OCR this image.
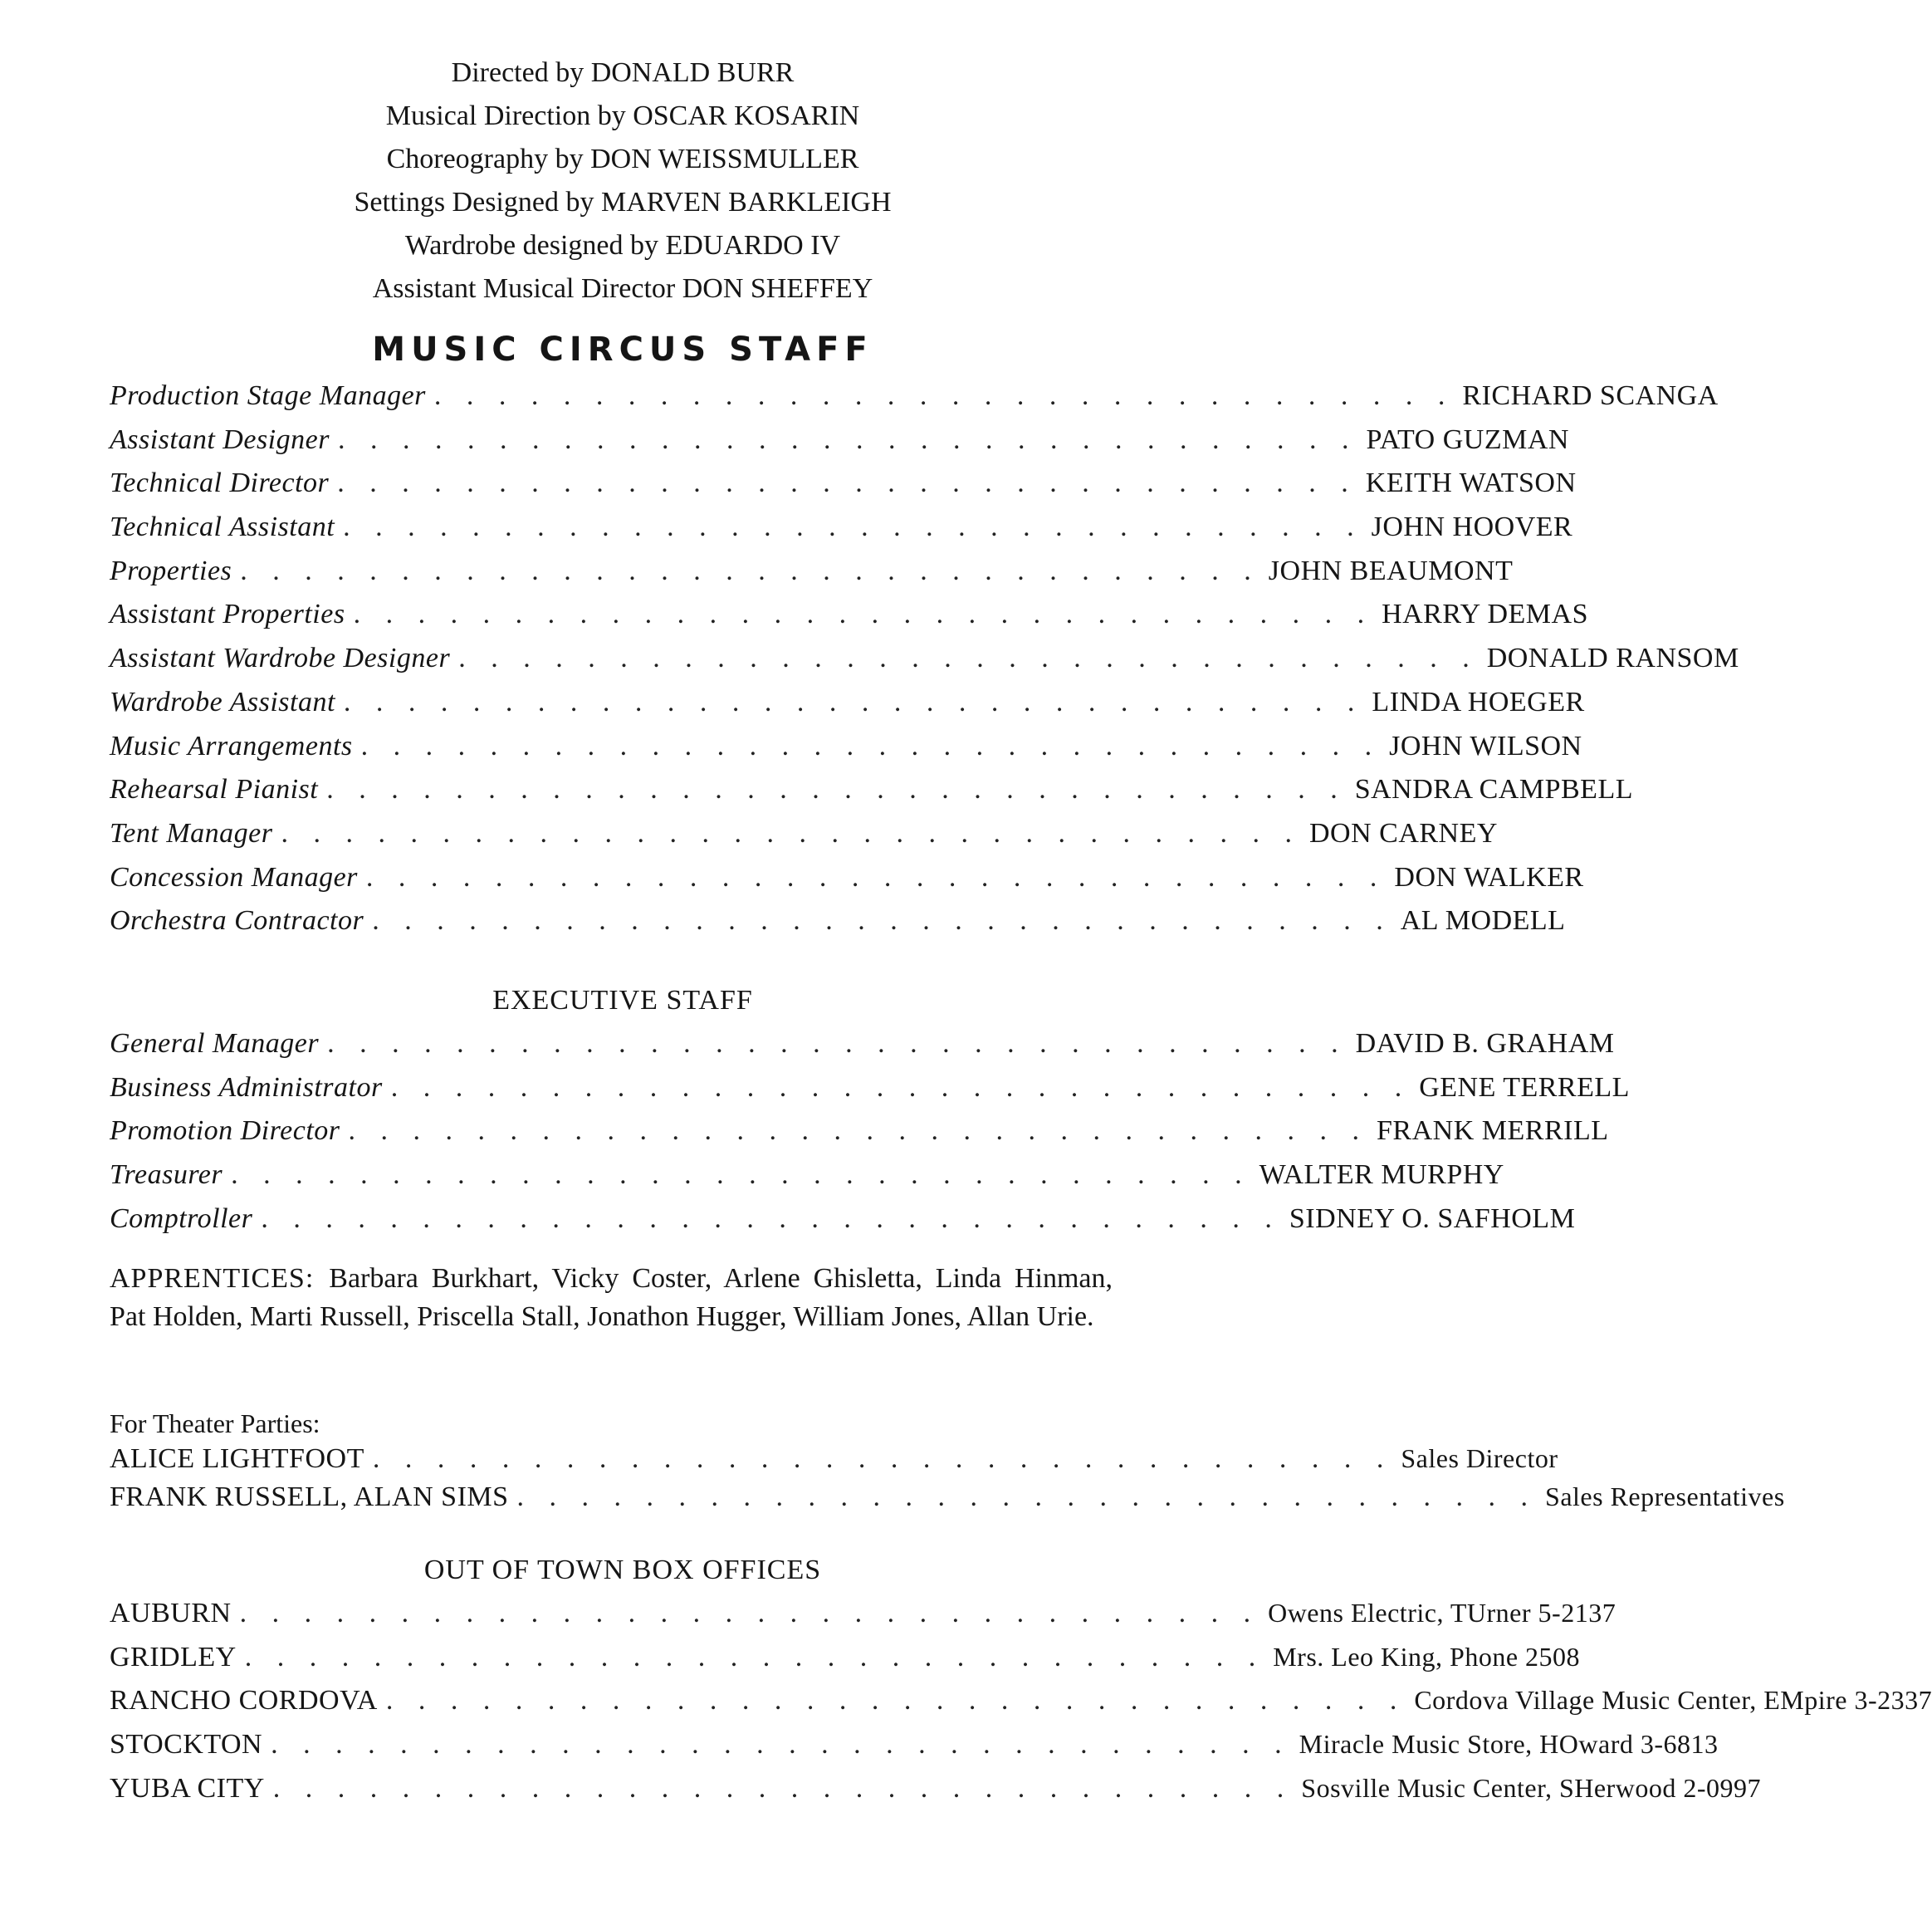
Directed by DONALD BURR
Musical Direction by OSCAR KOSARIN
Choreography by DON WEISSMULLER
Settings Designed by MARVEN BARKLEIGH
Wardrobe designed by EDUARDO IV
Assistant Musical Director DON SHEFFEY
MUSIC CIRCUS STAFF
Production Stage Manager . . . . . . . . . . . . . . . . . . . . . . . . . . . . . . . . RICHARD SCANGA
Assistant Designer . . . . . . . . . . . . . . . . . . . . . . . . . . . . . . . . PATO GUZMAN
Technical Director . . . . . . . . . . . . . . . . . . . . . . . . . . . . . . . . KEITH WATSON
Technical Assistant . . . . . . . . . . . . . . . . . . . . . . . . . . . . . . . . JOHN HOOVER
Properties . . . . . . . . . . . . . . . . . . . . . . . . . . . . . . . . JOHN BEAUMONT
Assistant Properties . . . . . . . . . . . . . . . . . . . . . . . . . . . . . . . . HARRY DEMAS
Assistant Wardrobe Designer . . . . . . . . . . . . . . . . . . . . . . . . . . . . . . . . DONALD RANSOM
Wardrobe Assistant . . . . . . . . . . . . . . . . . . . . . . . . . . . . . . . . LINDA HOEGER
Music Arrangements . . . . . . . . . . . . . . . . . . . . . . . . . . . . . . . . JOHN WILSON
Rehearsal Pianist . . . . . . . . . . . . . . . . . . . . . . . . . . . . . . . . SANDRA CAMPBELL
Tent Manager . . . . . . . . . . . . . . . . . . . . . . . . . . . . . . . . DON CARNEY
Concession Manager . . . . . . . . . . . . . . . . . . . . . . . . . . . . . . . . DON WALKER
Orchestra Contractor . . . . . . . . . . . . . . . . . . . . . . . . . . . . . . . . AL MODELL
EXECUTIVE STAFF
General Manager . . . . . . . . . . . . . . . . . . . . . . . . . . . . . . . . DAVID B. GRAHAM
Business Administrator . . . . . . . . . . . . . . . . . . . . . . . . . . . . . . . . GENE TERRELL
Promotion Director . . . . . . . . . . . . . . . . . . . . . . . . . . . . . . . . FRANK MERRILL
Treasurer . . . . . . . . . . . . . . . . . . . . . . . . . . . . . . . . WALTER MURPHY
Comptroller . . . . . . . . . . . . . . . . . . . . . . . . . . . . . . . . SIDNEY O. SAFHOLM
APPRENTICES: Barbara Burkhart, Vicky Coster, Arlene Ghisletta, Linda Hinman, Pat Holden, Marti Russell, Priscella Stall, Jonathon Hugger, William Jones, Allan Urie.
For Theater Parties:
ALICE LIGHTFOOT . . . . . . . . . . . . . . . . . . . . . . . . . . . . . . . . Sales Director
FRANK RUSSELL, ALAN SIMS . . . . . . . . . . . . . . . . . . . . . . . . . . . . . . . . Sales Representatives
OUT OF TOWN BOX OFFICES
AUBURN . . . . . . . . . . . . . . . . . . . . . . . . . . . . . . . . Owens Electric, TUrner 5-2137
GRIDLEY . . . . . . . . . . . . . . . . . . . . . . . . . . . . . . . . Mrs. Leo King, Phone 2508
RANCHO CORDOVA . . . . . . . . . . . . . . . . . . . . . . . . . . . . . . . . Cordova Village Music Center, EMpire 3-2337
STOCKTON . . . . . . . . . . . . . . . . . . . . . . . . . . . . . . . . Miracle Music Store, HOward 3-6813
YUBA CITY . . . . . . . . . . . . . . . . . . . . . . . . . . . . . . . . Sosville Music Center, SHerwood 2-0997
